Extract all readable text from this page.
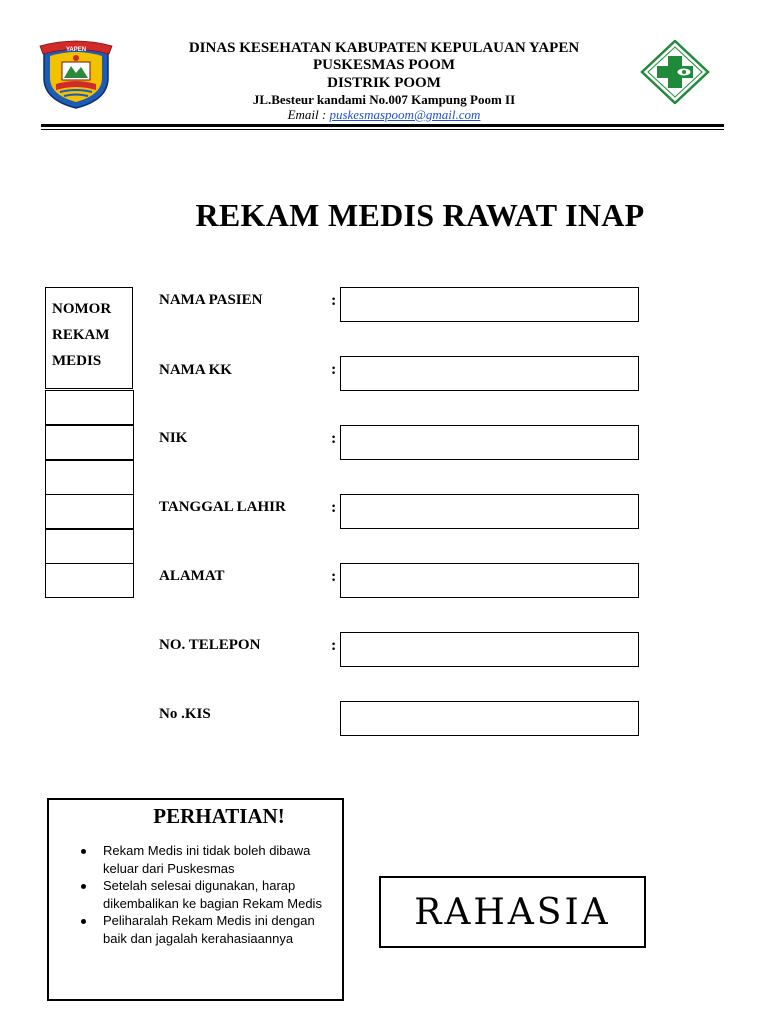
YAPEN	DINAS KESEHATAN KABUPATEN KEPULAUAN YAPEN
PUSKESMAS POOM
DISTRIK POOM
JL.Besteur kandami No.007 Kampung Poom II
Email : puskesmaspoom@gmail.com
REKAM MEDIS RAWAT INAP
NOMOR
REKAM
MEDIS
NAMA PASIEN	:
NAMA KK	:
NIK	:
TANGGAL LAHIR	:
ALAMAT	:
NO. TELEPON	:
No .KIS
PERHATIAN!
Rekam Medis ini tidak boleh dibawa keluar dari Puskesmas
Setelah selesai digunakan, harap dikembalikan ke bagian Rekam Medis
Peliharalah Rekam Medis ini dengan baik dan jagalah kerahasiaannya
RAHASIA
